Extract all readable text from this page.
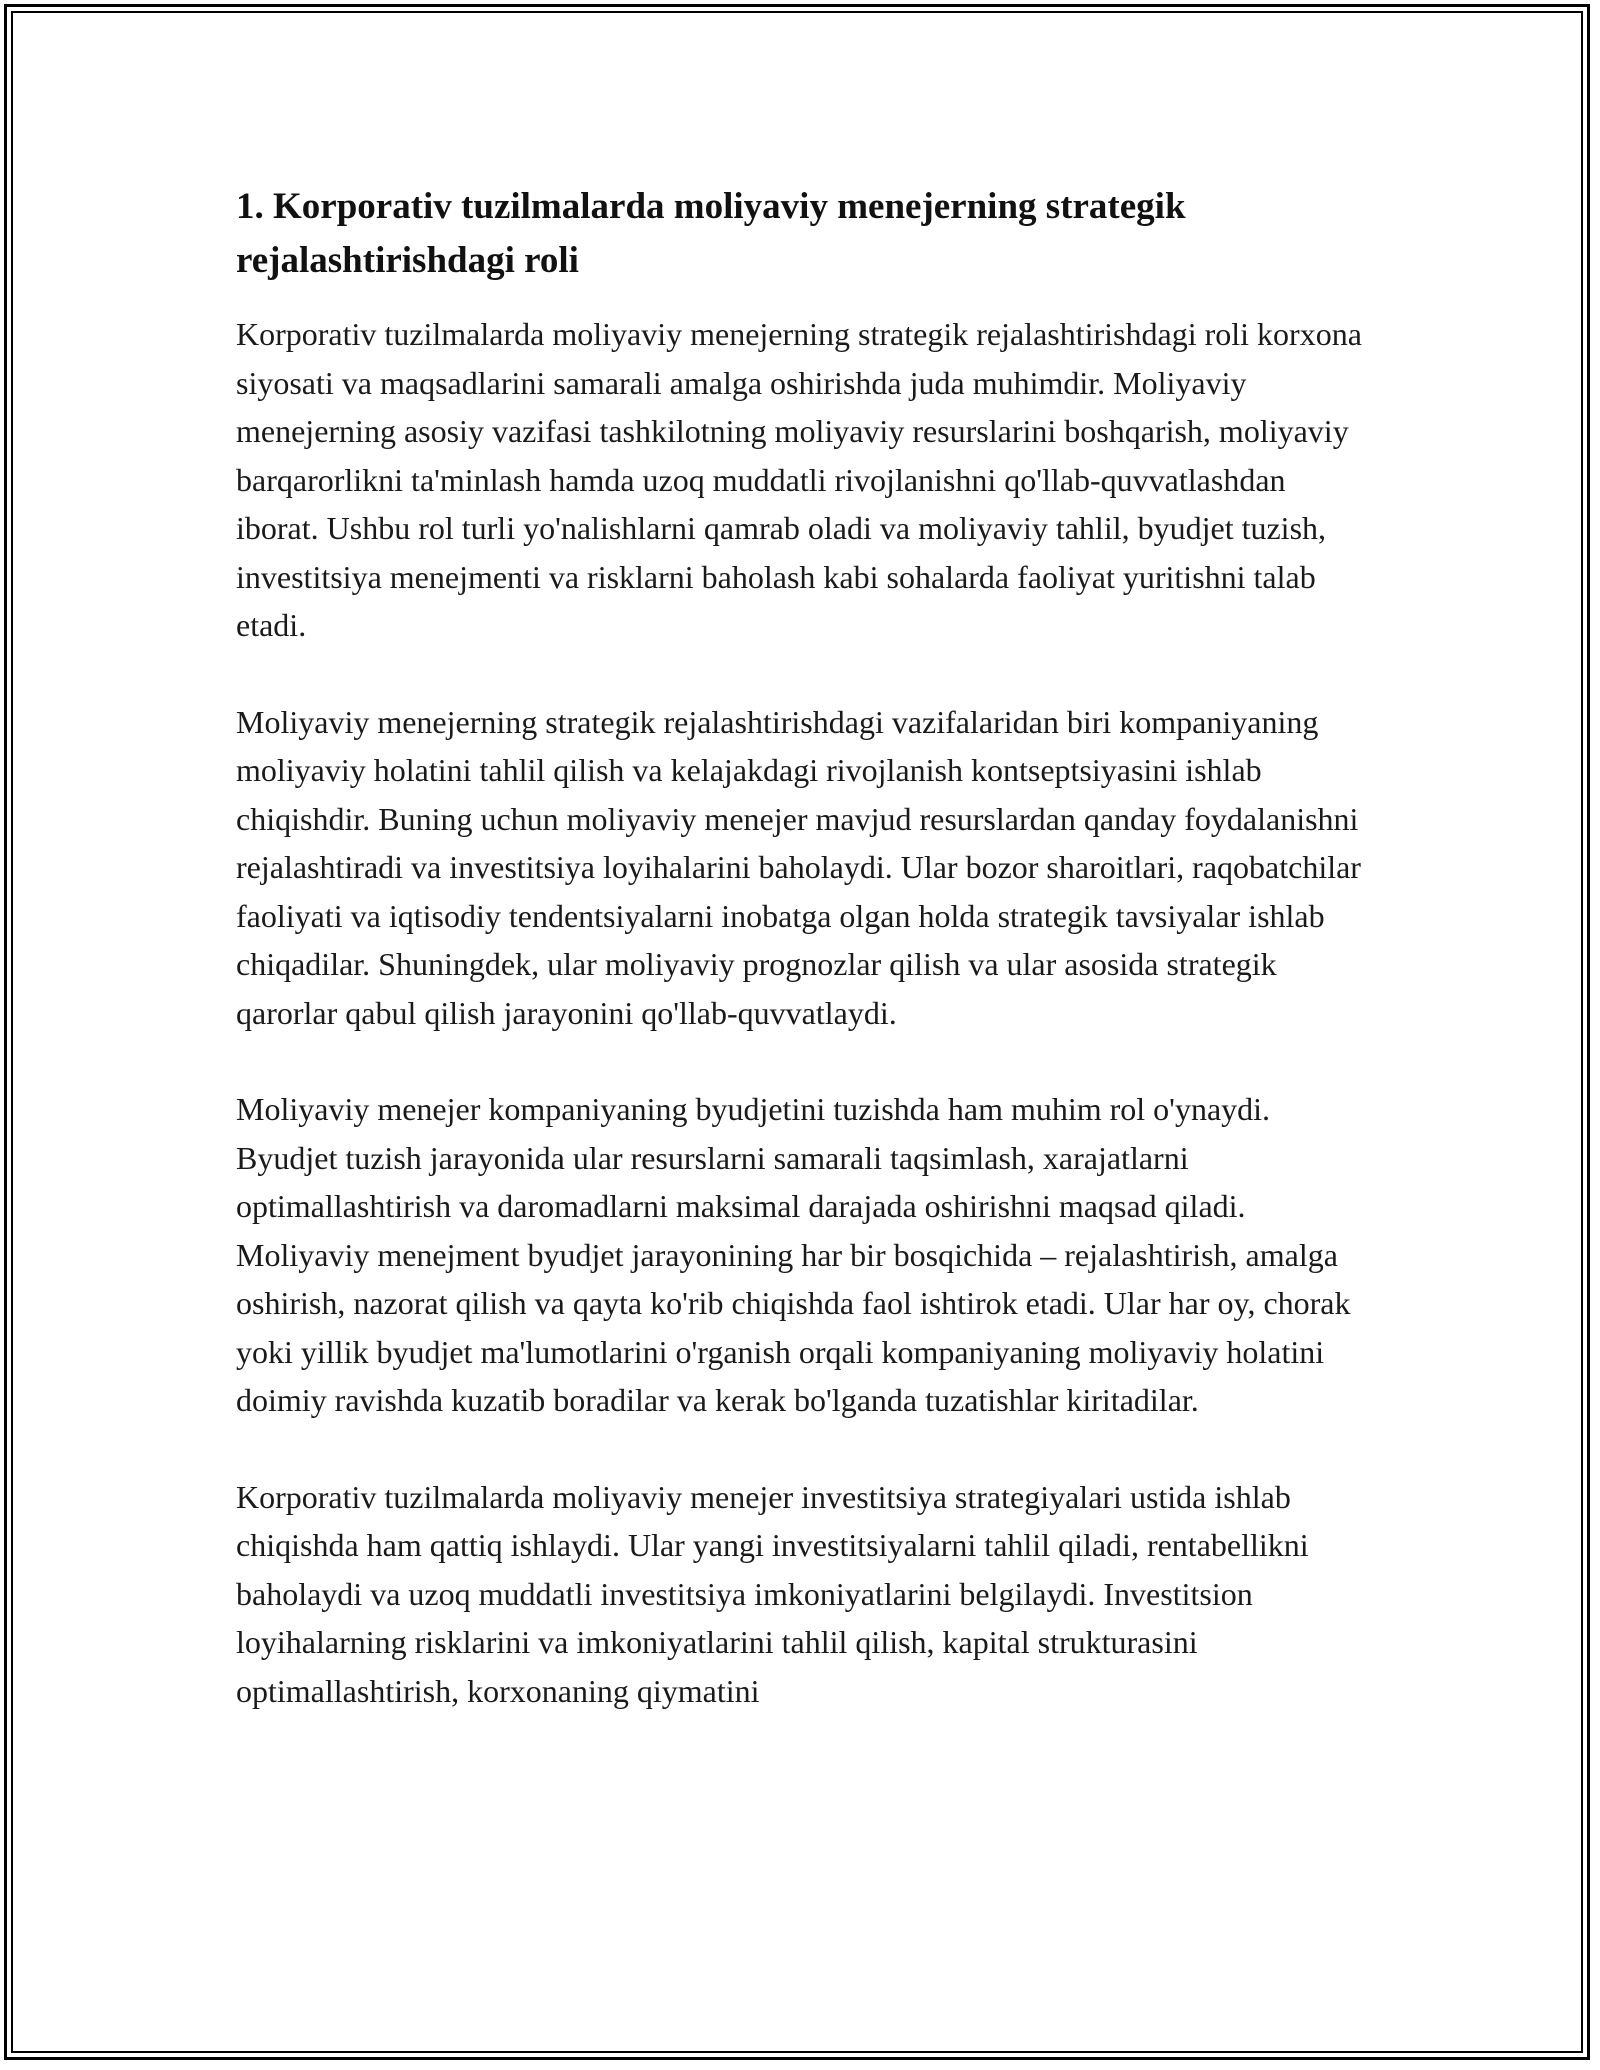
1. Korporativ tuzilmalarda moliyaviy menejerning strategik rejalashtirishdagi roli

Korporativ tuzilmalarda moliyaviy menejerning strategik rejalashtirishdagi roli korxona siyosati va maqsadlarini samarali amalga oshirishda juda muhimdir. Moliyaviy menejerning asosiy vazifasi tashkilotning moliyaviy resurslarini boshqarish, moliyaviy barqarorlikni ta'minlash hamda uzoq muddatli rivojlanishni qo'llab-quvvatlashdan iborat. Ushbu rol turli yo'nalishlarni qamrab oladi va moliyaviy tahlil, byudjet tuzish, investitsiya menejmenti va risklarni baholash kabi sohalarda faoliyat yuritishni talab etadi.

Moliyaviy menejerning strategik rejalashtirishdagi vazifalaridan biri kompaniyaning moliyaviy holatini tahlil qilish va kelajakdagi rivojlanish kontseptsiyasini ishlab chiqishdir. Buning uchun moliyaviy menejer mavjud resurslardan qanday foydalanishni rejalashtiradi va investitsiya loyihalarini baholaydi. Ular bozor sharoitlari, raqobatchilar faoliyati va iqtisodiy tendentsiyalarni inobatga olgan holda strategik tavsiyalar ishlab chiqadilar. Shuningdek, ular moliyaviy prognozlar qilish va ular asosida strategik qarorlar qabul qilish jarayonini qo'llab-quvvatlaydi.

Moliyaviy menejer kompaniyaning byudjetini tuzishda ham muhim rol o'ynaydi. Byudjet tuzish jarayonida ular resurslarni samarali taqsimlash, xarajatlarni optimallashtirish va daromadlarni maksimal darajada oshirishni maqsad qiladi. Moliyaviy menejment byudjet jarayonining har bir bosqichida – rejalashtirish, amalga oshirish, nazorat qilish va qayta ko'rib chiqishda faol ishtirok etadi. Ular har oy, chorak yoki yillik byudjet ma'lumotlarini o'rganish orqali kompaniyaning moliyaviy holatini doimiy ravishda kuzatib boradilar va kerak bo'lganda tuzatishlar kiritadilar.

Korporativ tuzilmalarda moliyaviy menejer investitsiya strategiyalari ustida ishlab chiqishda ham qattiq ishlaydi. Ular yangi investitsiyalarni tahlil qiladi, rentabellikni baholaydi va uzoq muddatli investitsiya imkoniyatlarini belgilaydi. Investitsion loyihalarning risklarini va imkoniyatlarini tahlil qilish, kapital strukturasini optimallashtirish, korxonaning qiymatini
